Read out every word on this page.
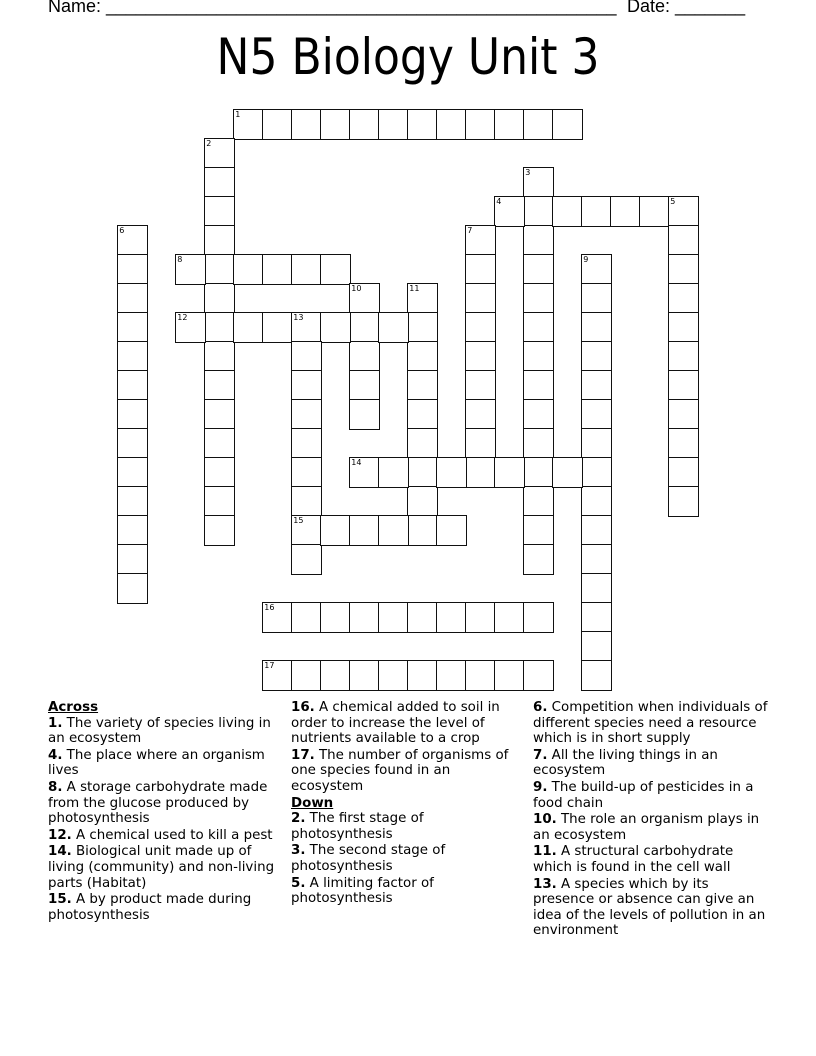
Name: ___________________________________________________ Date: _______
N5 Biology Unit 3
1
2
3
4	5
6	7
8	9
10	11
12	13
15
14
16
17
Across
1. The variety of species living in an ecosystem
4. The place where an organism lives
8. A storage carbohydrate made from the glucose produced by photosynthesis
12. A chemical used to kill a pest
14. Biological unit made up of living (community) and non-living parts (Habitat)
15. A by product made during photosynthesis
16. A chemical added to soil in order to increase the level of nutrients available to a crop
17. The number of organisms of one species found in an ecosystem
Down
2. The first stage of photosynthesis
3. The second stage of photosynthesis
5. A limiting factor of photosynthesis
6. Competition when individuals of different species need a resource which is in short supply
7. All the living things in an ecosystem
9. The build-up of pesticides in a food chain
10. The role an organism plays in an ecosystem
11. A structural carbohydrate which is found in the cell wall
13. A species which by its presence or absence can give an idea of the levels of pollution in an environment
